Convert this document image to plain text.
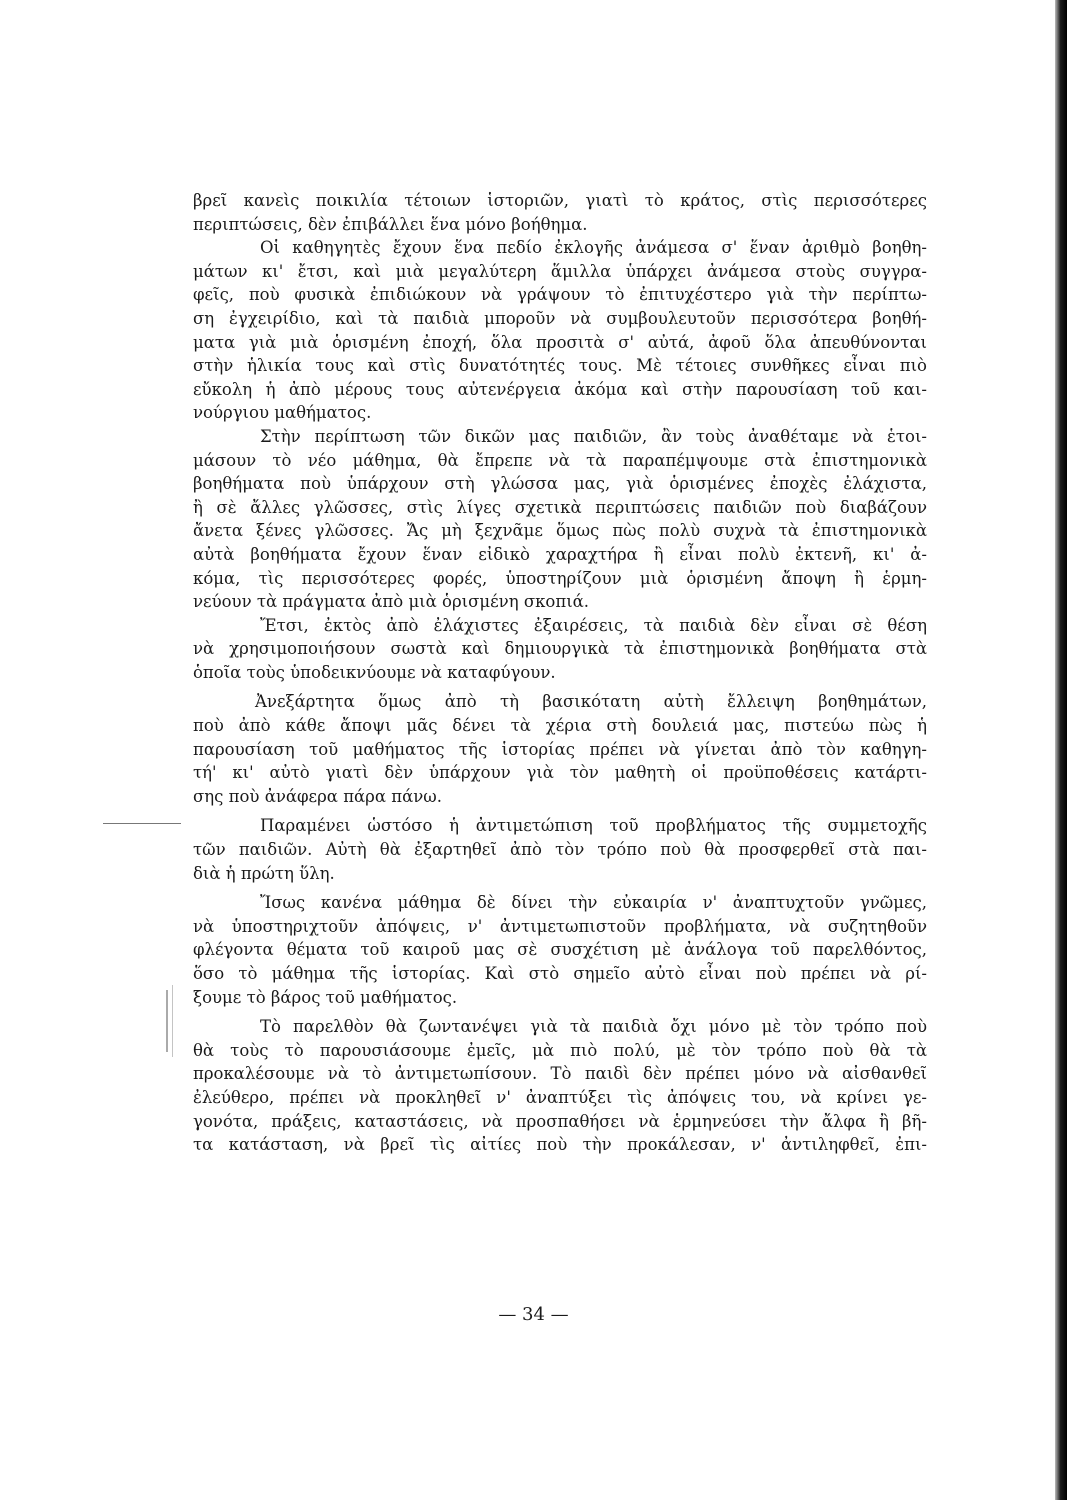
βρεῖ κανεὶς ποικιλία τέτοιων ἱστοριῶν, γιατὶ τὸ κράτος, στὶς περισσότερες
περιπτώσεις, δὲν ἐπιβάλλει ἕνα μόνο βοήθημα.
Οἱ καθηγητὲς ἔχουν ἕνα πεδίο ἐκλογῆς ἀνάμεσα σ' ἕναν ἀριθμὸ βοηθη-
μάτων κι' ἔτσι, καὶ μιὰ μεγαλύτερη ἅμιλλα ὑπάρχει ἀνάμεσα στοὺς συγγρα-
φεῖς, ποὺ φυσικὰ ἐπιδιώκουν νὰ γράψουν τὸ ἐπιτυχέστερο γιὰ τὴν περίπτω-
ση ἐγχειρίδιο, καὶ τὰ παιδιὰ μποροῦν νὰ συμβουλευτοῦν περισσότερα βοηθή-
ματα γιὰ μιὰ ὁρισμένη ἐποχή, ὅλα προσιτὰ σ' αὐτά, ἀφοῦ ὅλα ἀπευθύνονται
στὴν ἡλικία τους καὶ στὶς δυνατότητές τους. Μὲ τέτοιες συνθῆκες εἶναι πιὸ
εὔκολη ἡ ἀπὸ μέρους τους αὐτενέργεια ἀκόμα καὶ στὴν παρουσίαση τοῦ και-
νούργιου μαθήματος.
Στὴν περίπτωση τῶν δικῶν μας παιδιῶν, ἂν τοὺς ἀναθέταμε νὰ ἑτοι-
μάσουν τὸ νέο μάθημα, θὰ ἔπρεπε νὰ τὰ παραπέμψουμε στὰ ἐπιστημονικὰ
βοηθήματα ποὺ ὑπάρχουν στὴ γλώσσα μας, γιὰ ὁρισμένες ἐποχὲς ἐλάχιστα,
ἢ σὲ ἄλλες γλῶσσες, στὶς λίγες σχετικὰ περιπτώσεις παιδιῶν ποὺ διαβάζουν
ἄνετα ξένες γλῶσσες. Ἄς μὴ ξεχνᾶμε ὅμως πὼς πολὺ συχνὰ τὰ ἐπιστημονικὰ
αὐτὰ βοηθήματα ἔχουν ἕναν εἰδικὸ χαραχτήρα ἢ εἶναι πολὺ ἐκτενῆ, κι' ἀ-
κόμα, τὶς περισσότερες φορές, ὑποστηρίζουν μιὰ ὁρισμένη ἄποψη ἢ ἑρμη-
νεύουν τὰ πράγματα ἀπὸ μιὰ ὁρισμένη σκοπιά.
Ἔτσι, ἐκτὸς ἀπὸ ἐλάχιστες ἐξαιρέσεις, τὰ παιδιὰ δὲν εἶναι σὲ θέση
νὰ χρησιμοποιήσουν σωστὰ καὶ δημιουργικὰ τὰ ἐπιστημονικὰ βοηθήματα στὰ
ὁποῖα τοὺς ὑποδεικνύουμε νὰ καταφύγουν.
Ἀνεξάρτητα ὅμως ἀπὸ τὴ βασικότατη αὐτὴ ἔλλειψη βοηθημάτων,
ποὺ ἀπὸ κάθε ἄποψι μᾶς δένει τὰ χέρια στὴ δουλειά μας, πιστεύω πὼς ἡ
παρουσίαση τοῦ μαθήματος τῆς ἱστορίας πρέπει νὰ γίνεται ἀπὸ τὸν καθηγη-
τή' κι' αὐτὸ γιατὶ δὲν ὑπάρχουν γιὰ τὸν μαθητὴ οἱ προϋποθέσεις κατάρτι-
σης ποὺ ἀνάφερα πάρα πάνω.
Παραμένει ὡστόσο ἡ ἀντιμετώπιση τοῦ προβλήματος τῆς συμμετοχῆς
τῶν παιδιῶν. Αὐτὴ θὰ ἐξαρτηθεῖ ἀπὸ τὸν τρόπο ποὺ θὰ προσφερθεῖ στὰ παι-
διὰ ἡ πρώτη ὕλη.
Ἴσως κανένα μάθημα δὲ δίνει τὴν εὐκαιρία ν' ἀναπτυχτοῦν γνῶμες,
νὰ ὑποστηριχτοῦν ἀπόψεις, ν' ἀντιμετωπιστοῦν προβλήματα, νὰ συζητηθοῦν
φλέγοντα θέματα τοῦ καιροῦ μας σὲ συσχέτιση μὲ ἀνάλογα τοῦ παρελθόντος,
ὅσο τὸ μάθημα τῆς ἱστορίας. Καὶ στὸ σημεῖο αὐτὸ εἶναι ποὺ πρέπει νὰ ρί-
ξουμε τὸ βάρος τοῦ μαθήματος.
Τὸ παρελθὸν θὰ ζωντανέψει γιὰ τὰ παιδιὰ ὄχι μόνο μὲ τὸν τρόπο ποὺ
θὰ τοὺς τὸ παρουσιάσουμε ἐμεῖς, μὰ πιὸ πολύ, μὲ τὸν τρόπο ποὺ θὰ τὰ
προκαλέσουμε νὰ τὸ ἀντιμετωπίσουν. Τὸ παιδὶ δὲν πρέπει μόνο νὰ αἰσθανθεῖ
ἐλεύθερο, πρέπει νὰ προκληθεῖ ν' ἀναπτύξει τὶς ἀπόψεις του, νὰ κρίνει γε-
γονότα, πράξεις, καταστάσεις, νὰ προσπαθήσει νὰ ἑρμηνεύσει τὴν ἄλφα ἢ βῆ-
τα κατάσταση, νὰ βρεῖ τὶς αἰτίες ποὺ τὴν προκάλεσαν, ν' ἀντιληφθεῖ, ἐπι-
— 34 —
